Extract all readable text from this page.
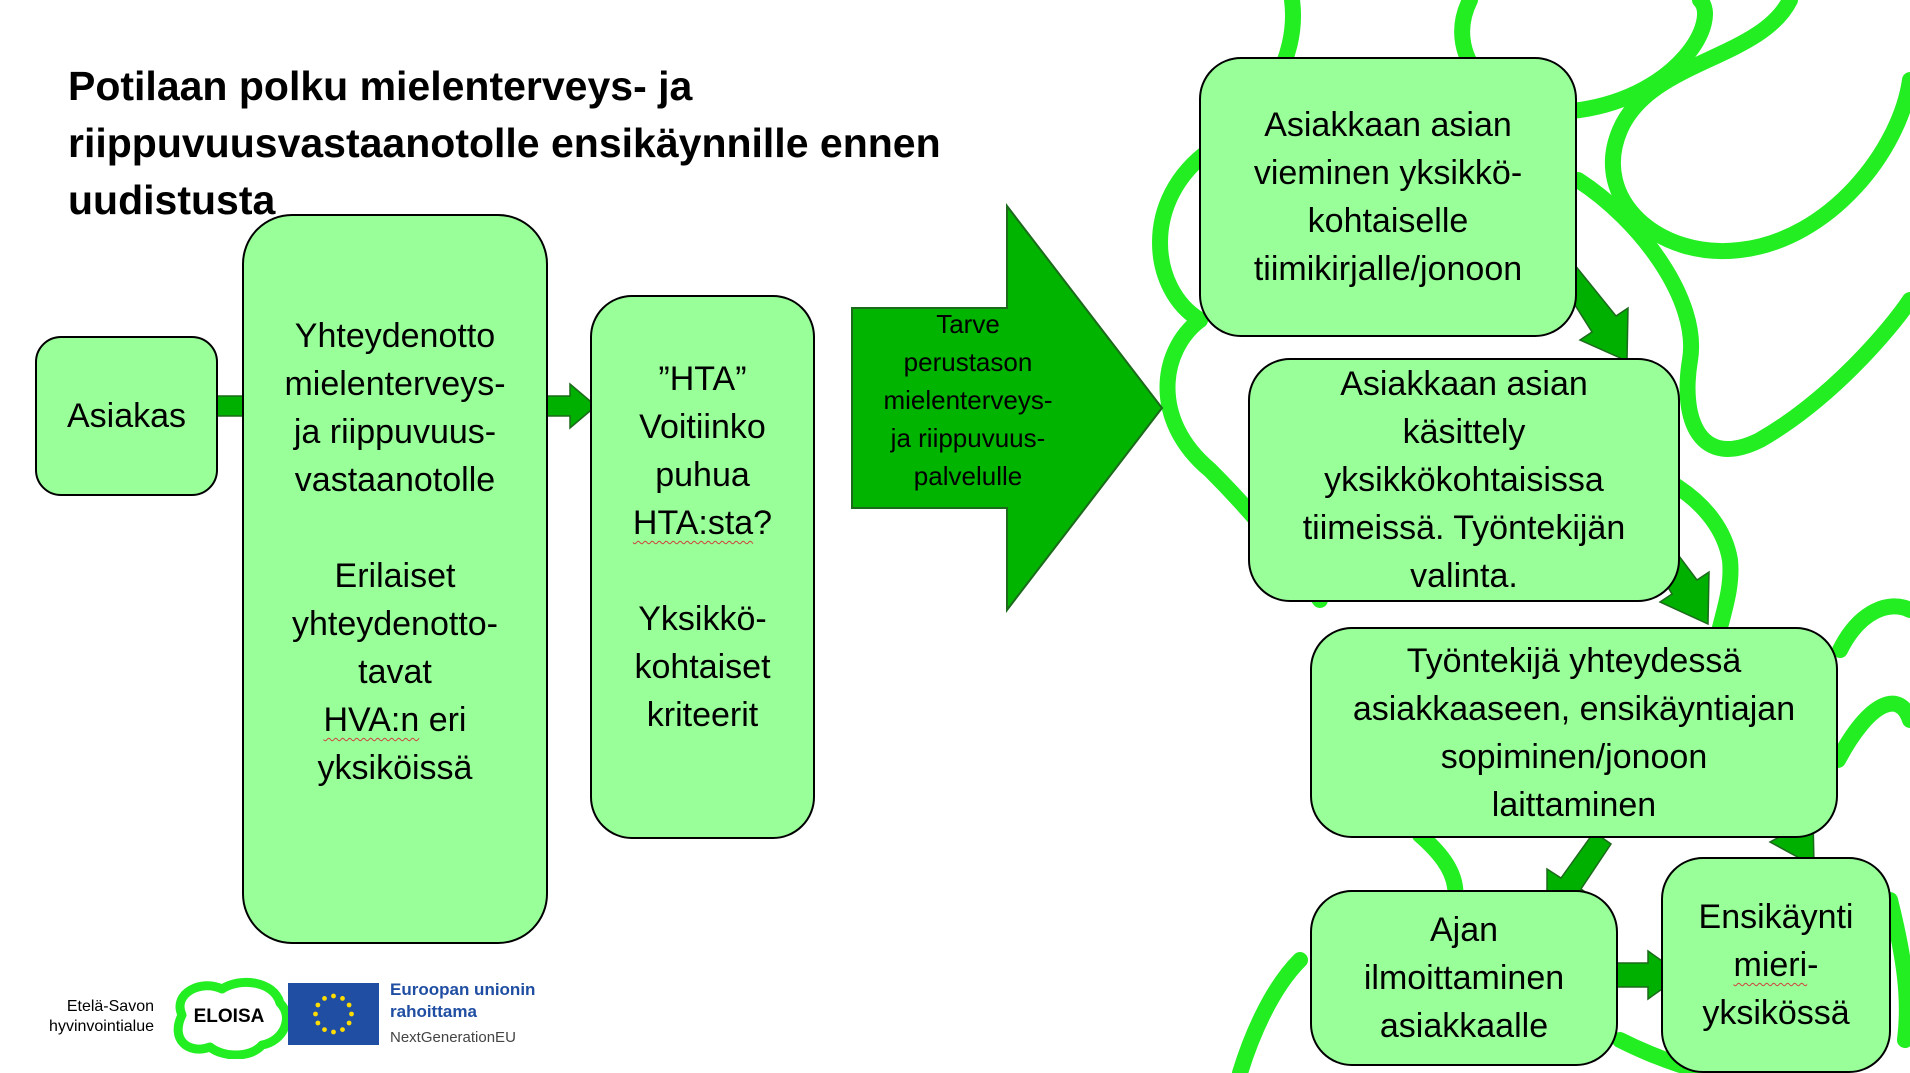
Potilaan polku mielenterveys- ja
riippuvuusvastaanotolle ensikäynnille ennen
uudistusta
Asiakas
Yhteydenotto
mielenterveys-
ja riippuvuus-
vastaanotolle

Erilaiset
yhteydenotto-
tavat
HVA:n eri
yksiköissä
”HTA”
Voitiinko
puhua
HTA:sta?

Yksikkö-
kohtaiset
kriteerit
Tarve
perustason
mielenterveys-
ja riippuvuus-
palvelulle
Asiakkaan asian
vieminen yksikkö-
kohtaiselle
tiimikirjalle/jonoon
Asiakkaan asian
käsittely
yksikkökohtaisissa
tiimeissä. Työntekijän
valinta.
Työntekijä yhteydessä
asiakkaaseen, ensikäyntiajan
sopiminen/jonoon
laittaminen
Ajan
ilmoittaminen
asiakkaalle
Ensikäynti
mieri-
yksikössä
Etelä-Savon
hyvinvointialue	ELOISA
Euroopan unionin
rahoittama
NextGenerationEU
